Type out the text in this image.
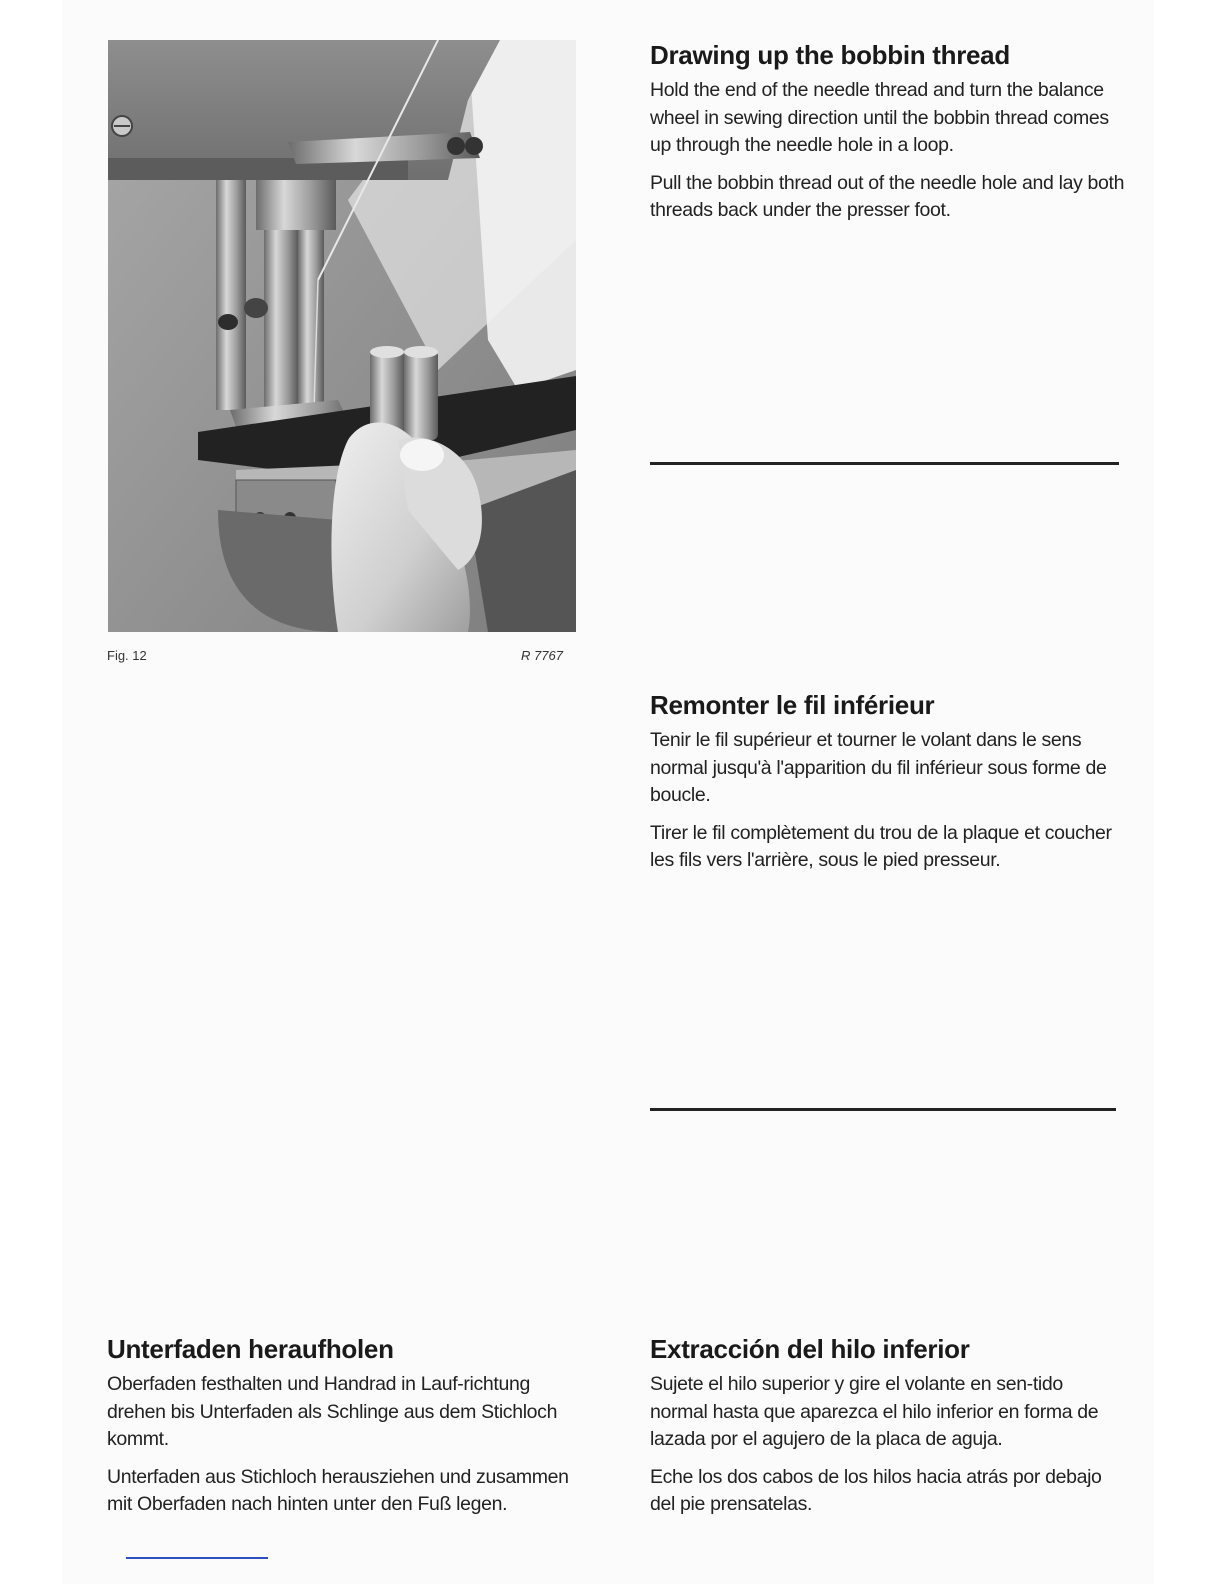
Fig. 12	R 7767
Drawing up the bobbin thread

Hold the end of the needle thread and turn the balance wheel in sewing direction until the bobbin thread comes up through the needle hole in a loop.

Pull the bobbin thread out of the needle hole and lay both threads back under the presser foot.

Remonter le fil inférieur

Tenir le fil supérieur et tourner le volant dans le sens normal jusqu'à l'apparition du fil inférieur sous forme de boucle.

Tirer le fil complètement du trou de la plaque et coucher les fils vers l'arrière, sous le pied presseur.

Unterfaden heraufholen

Oberfaden festhalten und Handrad in Lauf-richtung drehen bis Unterfaden als Schlinge aus dem Stichloch kommt.

Unterfaden aus Stichloch herausziehen und zusammen mit Oberfaden nach hinten unter den Fuß legen.

Extracción del hilo inferior

Sujete el hilo superior y gire el volante en sen-tido normal hasta que aparezca el hilo inferior en forma de lazada por el agujero de la placa de aguja.

Eche los dos cabos de los hilos hacia atrás por debajo del pie prensatelas.
